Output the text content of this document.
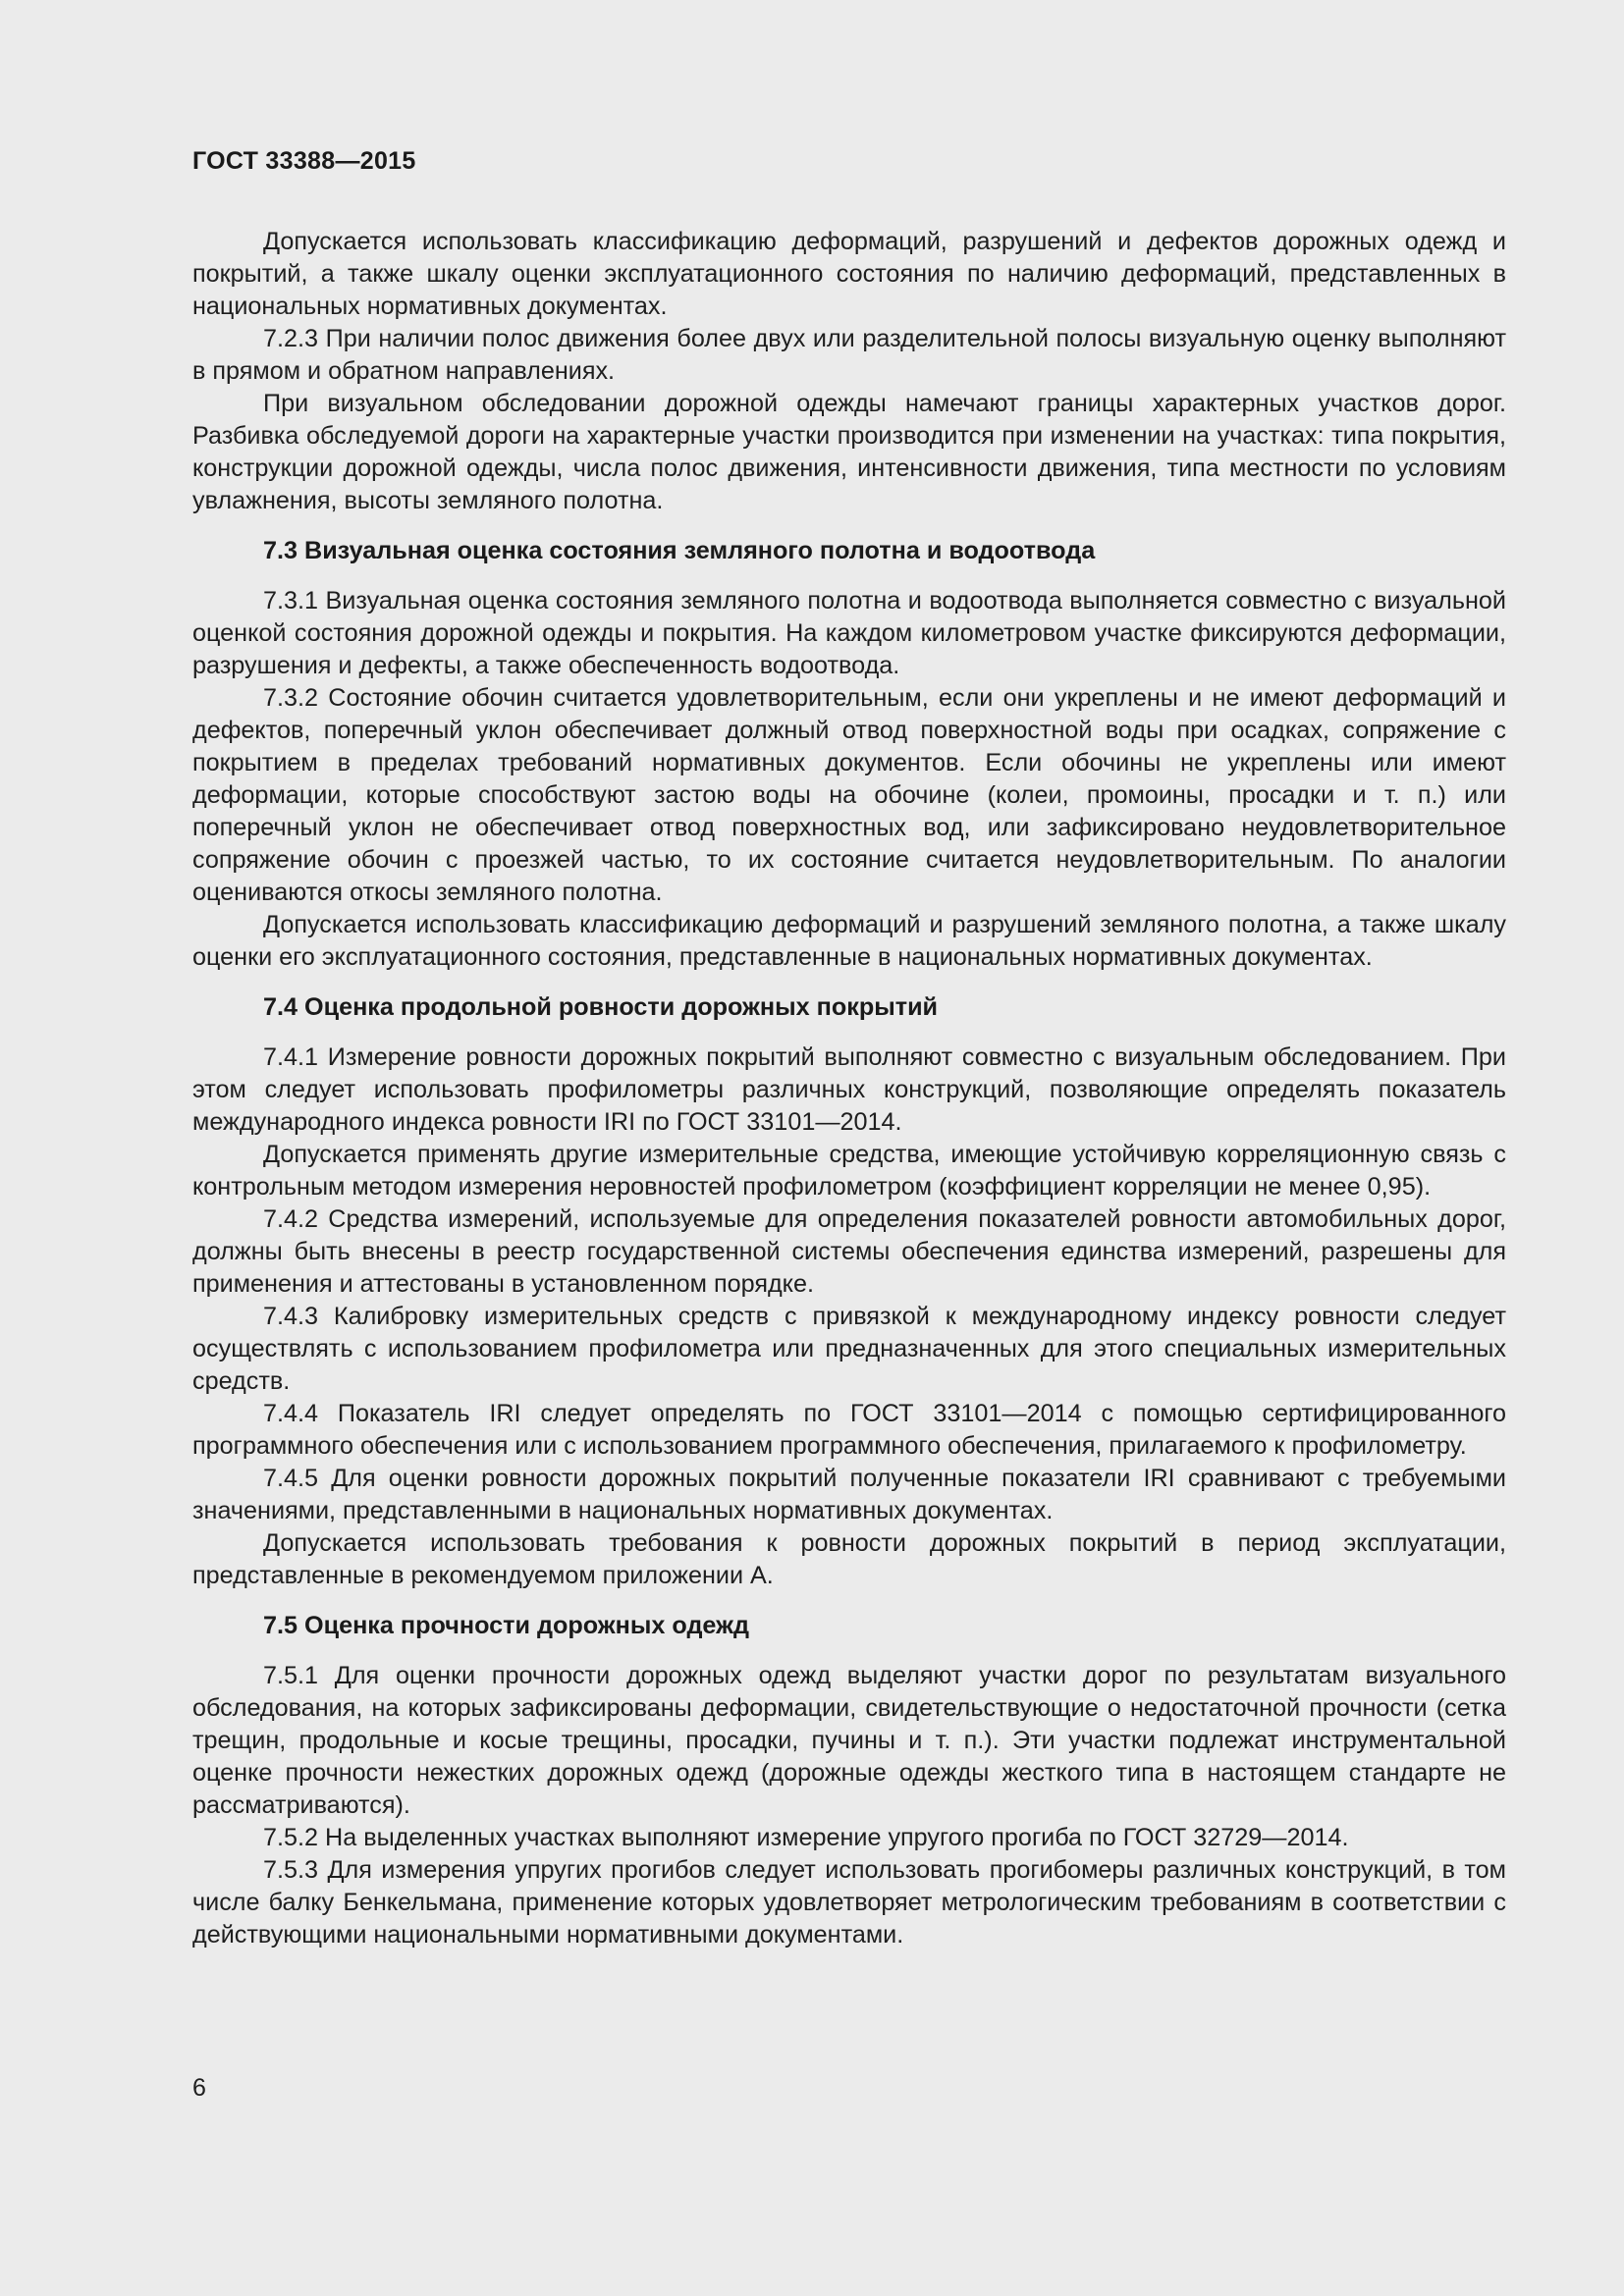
ГОСТ 33388—2015

Допускается использовать классификацию деформаций, разрушений и дефектов дорожных одежд и покрытий, а также шкалу оценки эксплуатационного состояния по наличию деформаций, представленных в национальных нормативных документах.

7.2.3 При наличии полос движения более двух или разделительной полосы визуальную оценку выполняют в прямом и обратном направлениях.

При визуальном обследовании дорожной одежды намечают границы характерных участков дорог. Разбивка обследуемой дороги на характерные участки производится при изменении на участках: типа покрытия, конструкции дорожной одежды, числа полос движения, интенсивности движения, типа местности по условиям увлажнения, высоты земляного полотна.

7.3 Визуальная оценка состояния земляного полотна и водоотвода

7.3.1 Визуальная оценка состояния земляного полотна и водоотвода выполняется совместно с визуальной оценкой состояния дорожной одежды и покрытия. На каждом километровом участке фиксируются деформации, разрушения и дефекты, а также обеспеченность водоотвода.

7.3.2 Состояние обочин считается удовлетворительным, если они укреплены и не имеют деформаций и дефектов, поперечный уклон обеспечивает должный отвод поверхностной воды при осадках, сопряжение с покрытием в пределах требований нормативных документов. Если обочины не укреплены или имеют деформации, которые способствуют застою воды на обочине (колеи, промоины, просадки и т. п.) или поперечный уклон не обеспечивает отвод поверхностных вод, или зафиксировано неудовлетворительное сопряжение обочин с проезжей частью, то их состояние считается неудовлетворительным. По аналогии оцениваются откосы земляного полотна.

Допускается использовать классификацию деформаций и разрушений земляного полотна, а также шкалу оценки его эксплуатационного состояния, представленные в национальных нормативных документах.

7.4 Оценка продольной ровности дорожных покрытий

7.4.1 Измерение ровности дорожных покрытий выполняют совместно с визуальным обследованием. При этом следует использовать профилометры различных конструкций, позволяющие определять показатель международного индекса ровности IRI по ГОСТ 33101—2014.

Допускается применять другие измерительные средства, имеющие устойчивую корреляционную связь с контрольным методом измерения неровностей профилометром (коэффициент корреляции не менее 0,95).

7.4.2 Средства измерений, используемые для определения показателей ровности автомобильных дорог, должны быть внесены в реестр государственной системы обеспечения единства измерений, разрешены для применения и аттестованы в установленном порядке.

7.4.3 Калибровку измерительных средств с привязкой к международному индексу ровности следует осуществлять с использованием профилометра или предназначенных для этого специальных измерительных средств.

7.4.4 Показатель IRI следует определять по ГОСТ 33101—2014 с помощью сертифицированного программного обеспечения или с использованием программного обеспечения, прилагаемого к профилометру.

7.4.5 Для оценки ровности дорожных покрытий полученные показатели IRI сравнивают с требуемыми значениями, представленными в национальных нормативных документах.

Допускается использовать требования к ровности дорожных покрытий в период эксплуатации, представленные в рекомендуемом приложении А.

7.5 Оценка прочности дорожных одежд

7.5.1 Для оценки прочности дорожных одежд выделяют участки дорог по результатам визуального обследования, на которых зафиксированы деформации, свидетельствующие о недостаточной прочности (сетка трещин, продольные и косые трещины, просадки, пучины и т. п.). Эти участки подлежат инструментальной оценке прочности нежестких дорожных одежд (дорожные одежды жесткого типа в настоящем стандарте не рассматриваются).

7.5.2 На выделенных участках выполняют измерение упругого прогиба по ГОСТ 32729—2014.

7.5.3 Для измерения упругих прогибов следует использовать прогибомеры различных конструкций, в том числе балку Бенкельмана, применение которых удовлетворяет метрологическим требованиям в соответствии с действующими национальными нормативными документами.

6
